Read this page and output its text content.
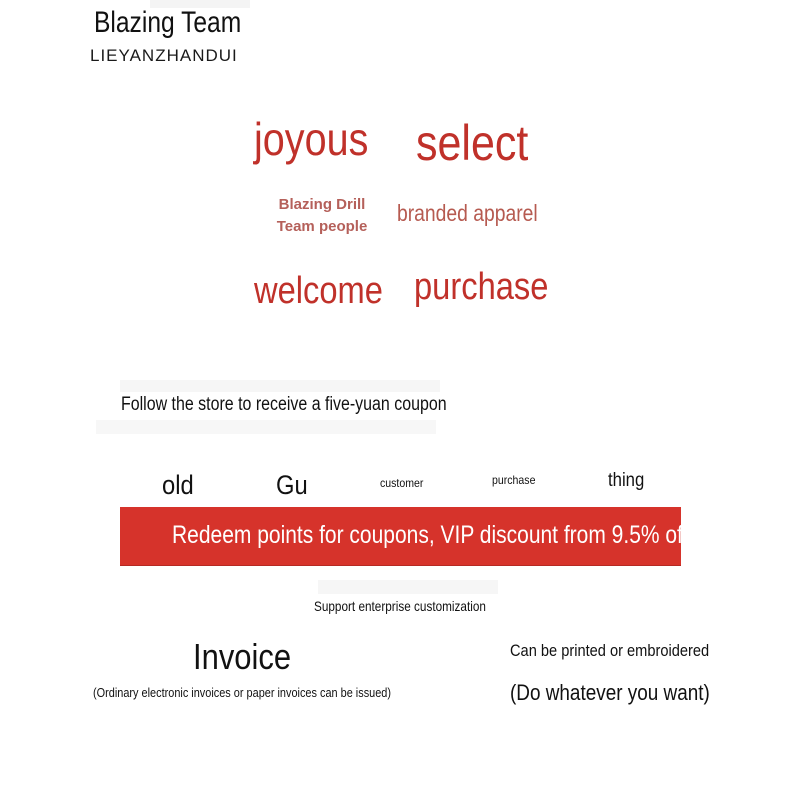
Blazing Team
LIEYANZHANDUI
joyous select
Blazing Drill Team people
branded apparel
welcome purchase
Follow the store to receive a five-yuan coupon
old	Gu	customer	purchase	thing
Redeem points for coupons, VIP discount from 9.5% off
Support enterprise customization
Invoice
(Ordinary electronic invoices or paper invoices can be issued)
Can be printed or embroidered
(Do whatever you want)
